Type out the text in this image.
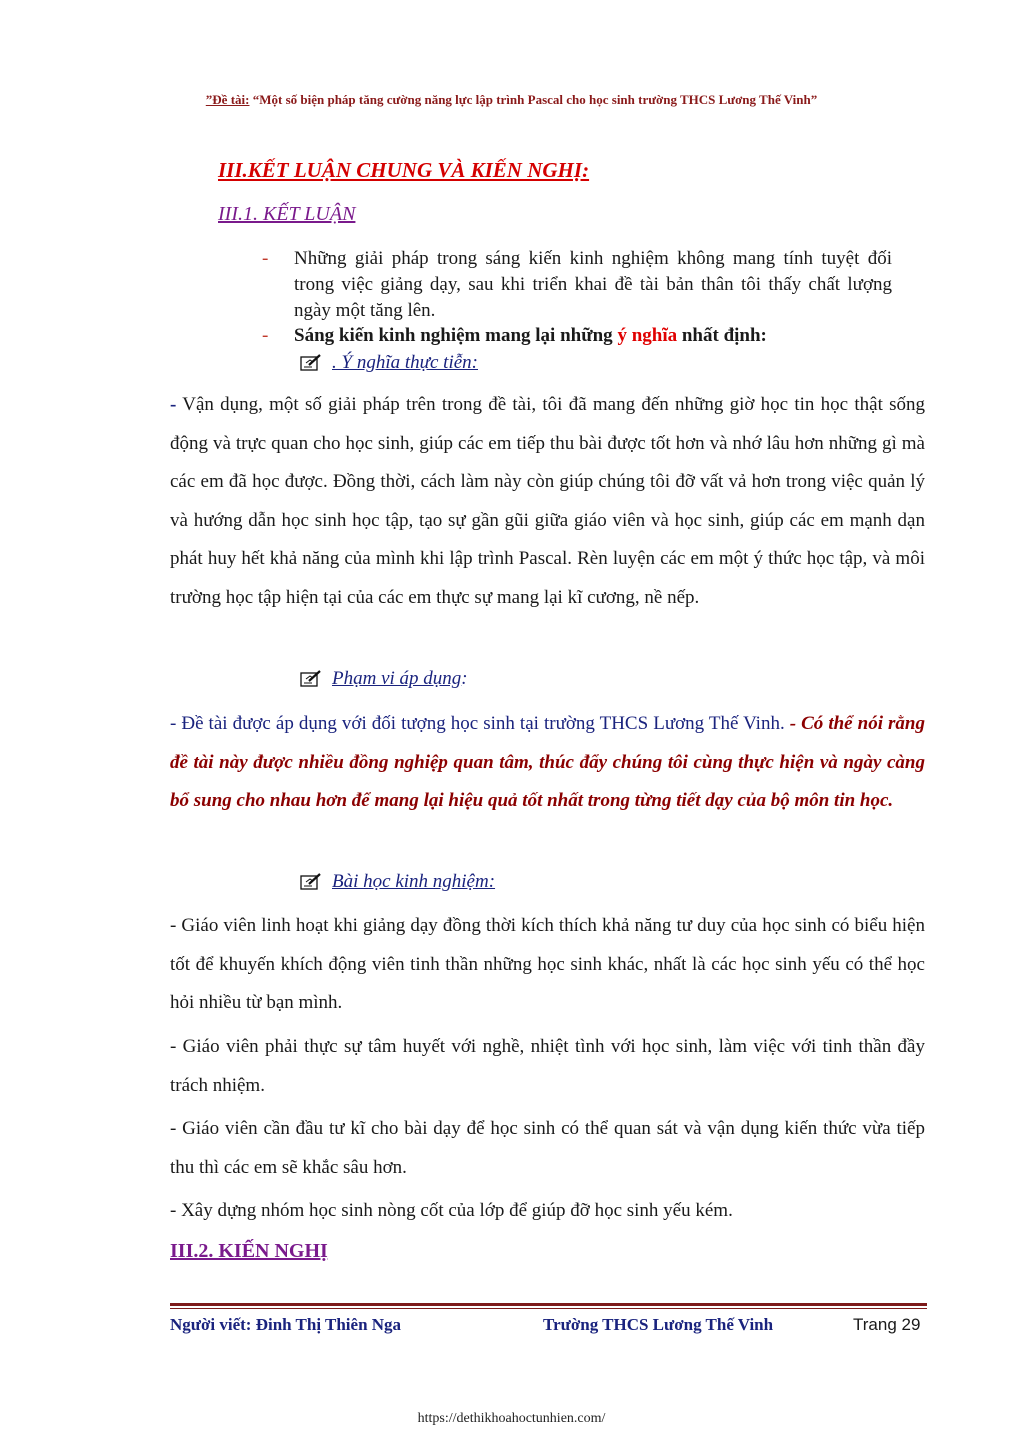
”Đề tài: “Một số biện pháp tăng cường năng lực lập trình Pascal cho học sinh trường THCS Lương Thế Vinh”
III.KẾT LUẬN CHUNG VÀ KIẾN NGHỊ:
III.1. KẾT LUẬN
- Những giải pháp trong sáng kiến kinh nghiệm không mang tính tuyệt đối trong việc giảng dạy, sau khi triển khai đề tài bản thân tôi thấy chất lượng ngày một tăng lên.
- Sáng kiến kinh nghiệm mang lại những ý nghĩa nhất định:
. Ý nghĩa thực tiễn:
- Vận dụng, một số giải pháp trên trong đề tài, tôi đã mang đến những giờ học tin học thật sống động và trực quan cho học sinh, giúp các em tiếp thu bài được tốt hơn và nhớ lâu hơn những gì mà các em đã học được. Đồng thời, cách làm này còn giúp chúng tôi đỡ vất vả hơn trong việc quản lý và hướng dẫn học sinh học tập, tạo sự gần gũi giữa giáo viên và học sinh, giúp các em mạnh dạn phát huy hết khả năng của mình khi lập trình Pascal. Rèn luyện các em một ý thức học tập, và môi trường học tập hiện tại của các em thực sự mang lại kĩ cương, nề nếp.
Phạm vi áp dụng :
- Đề tài được áp dụng với đối tượng học sinh tại trường THCS Lương Thế Vinh. - Có thể nói rằng đề tài này được nhiều đồng nghiệp quan tâm, thúc đẩy chúng tôi cùng thực hiện và ngày càng bổ sung cho nhau hơn để mang lại hiệu quả tốt nhất trong từng tiết dạy của bộ môn tin học.
Bài học kinh nghiệm:
- Giáo viên linh hoạt khi giảng dạy đồng thời kích thích khả năng tư duy của học sinh có biểu hiện tốt để khuyến khích động viên tinh thần những học sinh khác, nhất là các học sinh yếu có thể học hỏi nhiều từ bạn mình.
- Giáo viên phải thực sự tâm huyết với nghề, nhiệt tình với học sinh, làm việc với tinh thần đầy trách nhiệm.
- Giáo viên cần đầu tư kĩ cho bài dạy để học sinh có thể quan sát và vận dụng kiến thức vừa tiếp thu thì các em sẽ khắc sâu hơn.
- Xây dựng nhóm học sinh nòng cốt của lớp để giúp đỡ học sinh yếu kém.
III.2. KIẾN NGHỊ
Người viết: Đinh Thị Thiên Nga	Trường THCS Lương Thế Vinh	Trang 29
https://dethikhoahoctunhien.com/
